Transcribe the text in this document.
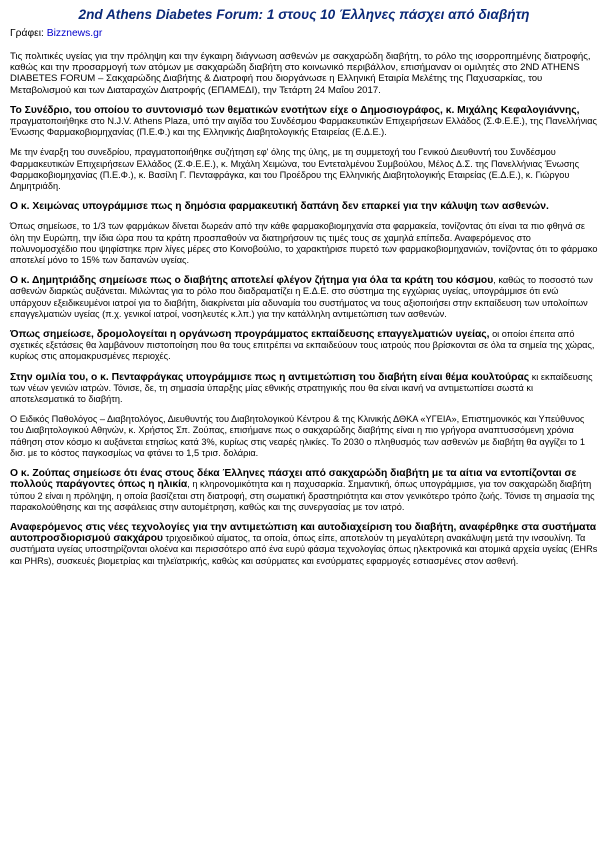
2nd Athens Diabetes Forum: 1 στους 10 Έλληνες πάσχει από διαβήτη
Γράφει: Bizznews.gr

Τις πολιτικές υγείας για την πρόληψη και την έγκαιρη διάγνωση ασθενών με σακχαρώδη διαβήτη, το ρόλο της ισορροπημένης διατροφής, καθώς και την προσαρμογή των ατόμων με σακχαρώδη διαβήτη στο κοινωνικό περιβάλλον, επισήμαναν οι ομιλητές στο 2ND ATHENS DIABETES FORUM – Σακχαρώδης Διαβήτης & Διατροφή που διοργάνωσε η Ελληνική Εταιρία Μελέτης της Παχυσαρκίας, του Μεταβολισμού και των Διαταραχών Διατροφής (ΕΠΑΜΕΔΙ), την Τετάρτη 24 Μαΐου 2017.

Το Συνέδριο, του οποίου το συντονισμό των θεματικών ενοτήτων είχε ο Δημοσιογράφος, κ. Μιχάλης Κεφαλογιάννης, πραγματοποιήθηκε στο N.J.V. Athens Plaza, υπό την αιγίδα του Συνδέσμου Φαρμακευτικών Επιχειρήσεων Ελλάδος (Σ.Φ.Ε.Ε.), της Πανελλήνιας Ένωσης Φαρμακοβιομηχανίας (Π.Ε.Φ.) και της Ελληνικής Διαβητολογικής Εταιρείας (Ε.Δ.Ε.).

Με την έναρξη του συνεδρίου, πραγματοποιήθηκε συζήτηση εφ' όλης της ύλης, με τη συμμετοχή του Γενικού Διευθυντή του Συνδέσμου Φαρμακευτικών Επιχειρήσεων Ελλάδος (Σ.Φ.Ε.Ε.), κ. Μιχάλη Χειμώνα, του Εντεταλμένου Συμβούλου, Μέλος Δ.Σ. της Πανελλήνιας Ένωσης Φαρμακοβιομηχανίας (Π.Ε.Φ.), κ. Βασίλη Γ. Πενταφράγκα, και του Προέδρου της Ελληνικής Διαβητολογικής Εταιρείας (Ε.Δ.Ε.), κ. Γιώργου Δημητριάδη.

Ο κ. Χειμώνας υπογράμμισε πως η δημόσια φαρμακευτική δαπάνη δεν επαρκεί για την κάλυψη των ασθενών.

Όπως σημείωσε, το 1/3 των φαρμάκων δίνεται δωρεάν από την κάθε φαρμακοβιομηχανία στα φαρμακεία, τονίζοντας ότι είναι τα πιο φθηνά σε όλη την Ευρώπη, την ίδια ώρα που τα κράτη προσπαθούν να διατηρήσουν τις τιμές τους σε χαμηλά επίπεδα. Αναφερόμενος στο πολυνομοσχέδιο που ψηφίστηκε πριν λίγες μέρες στο Κοινοβούλιο, το χαρακτήρισε πυρετό των φαρμακοβιομηχανιών, τονίζοντας ότι το φάρμακο αποτελεί μόνο το 15% των δαπανών υγείας.

Ο κ. Δημητριάδης σημείωσε πως ο διαβήτης αποτελεί φλέγον ζήτημα για όλα τα κράτη του κόσμου, καθώς το ποσοστό των ασθενών διαρκώς αυξάνεται. Μιλώντας για το ρόλο που διαδραματίζει η Ε.Δ.Ε. στο σύστημα της εγχώριας υγείας, υπογράμμισε ότι ενώ υπάρχουν εξειδικευμένοι ιατροί για το διαβήτη, διακρίνεται μία αδυναμία του συστήματος να τους αξιοποιήσει στην εκπαίδευση των υπολοίπων επαγγελματιών υγείας (π.χ. γενικοί ιατροί, νοσηλευτές κ.λπ.) για την κατάλληλη αντιμετώπιση των ασθενών.

Όπως σημείωσε, δρομολογείται η οργάνωση προγράμματος εκπαίδευσης επαγγελματιών υγείας, οι οποίοι έπειτα από σχετικές εξετάσεις θα λαμβάνουν πιστοποίηση που θα τους επιτρέπει να εκπαιδεύουν τους ιατρούς που βρίσκονται σε όλα τα σημεία της χώρας, κυρίως στις απομακρυσμένες περιοχές.

Στην ομιλία του, ο κ. Πενταφράγκας υπογράμμισε πως η αντιμετώπιση του διαβήτη είναι θέμα κουλτούρας κι εκπαίδευσης των νέων γενιών ιατρών. Τόνισε, δε, τη σημασία ύπαρξης μίας εθνικής στρατηγικής που θα είναι ικανή να αντιμετωπίσει σωστά κι αποτελεσματικά το διαβήτη.

Ο Ειδικός Παθολόγος – Διαβητολόγος, Διευθυντής του Διαβητολογικού Κέντρου & της Κλινικής ΔΘΚΑ «ΥΓΕΙΑ», Επιστημονικός και Υπεύθυνος του Διαβητολογικού Αθηνών, κ. Χρήστος Σπ. Ζούπας, επισήμανε πως ο σακχαρώδης διαβήτης είναι η πιο γρήγορα αναπτυσσόμενη χρόνια πάθηση στον κόσμο κι αυξάνεται ετησίως κατά 3%, κυρίως στις νεαρές ηλικίες. Το 2030 ο πληθυσμός των ασθενών με διαβήτη θα αγγίζει το 1 δισ. με το κόστος παγκοσμίως να φτάνει το 1,5 τρισ. δολάρια.

Ο κ. Ζούπας σημείωσε ότι ένας στους δέκα Έλληνες πάσχει από σακχαρώδη διαβήτη με τα αίτια να εντοπίζονται σε πολλούς παράγοντες όπως η ηλικία, η κληρονομικότητα και η παχυσαρκία. Σημαντική, όπως υπογράμμισε, για τον σακχαρώδη διαβήτη τύπου 2 είναι η πρόληψη, η οποία βασίζεται στη διατροφή, στη σωματική δραστηριότητα και στον γενικότερο τρόπο ζωής. Τόνισε τη σημασία της παρακολούθησης και της ασφάλειας στην αυτομέτρηση, καθώς και της συνεργασίας με τον ιατρό.

Αναφερόμενος στις νέες τεχνολογίες για την αντιμετώπιση και αυτοδιαχείριση του διαβήτη, αναφέρθηκε στα συστήματα αυτοπροσδιορισμού σακχάρου τριχοειδικού αίματος, τα οποία, όπως είπε, αποτελούν τη μεγαλύτερη ανακάλυψη μετά την ινσουλίνη. Τα συστήματα υγείας υποστηρίζονται ολοένα και περισσότερο από ένα ευρύ φάσμα τεχνολογίας όπως ηλεκτρονικά και ατομικά αρχεία υγείας (EHRs και PHRs), συσκευές βιομετρίας και τηλεϊατρικής, καθώς και ασύρματες και ενσύρματες εφαρμογές εστιασμένες στον ασθενή.
